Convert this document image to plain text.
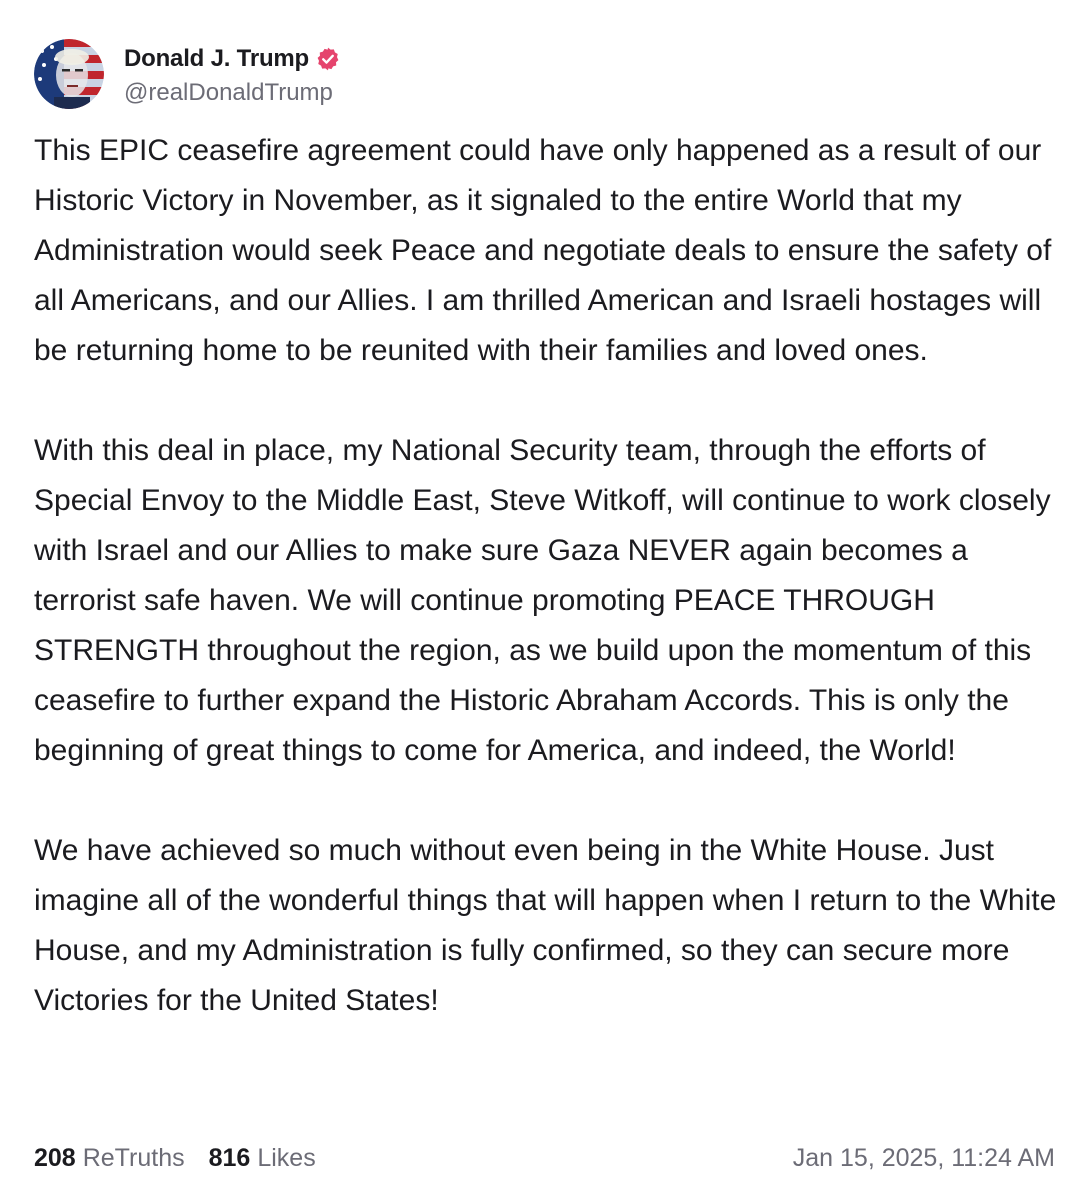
Donald J. Trump
@realDonaldTrump

This EPIC ceasefire agreement could have only happened as a result of our Historic Victory in November, as it signaled to the entire World that my Administration would seek Peace and negotiate deals to ensure the safety of all Americans, and our Allies. I am thrilled American and Israeli hostages will be returning home to be reunited with their families and loved ones.

With this deal in place, my National Security team, through the efforts of Special Envoy to the Middle East, Steve Witkoff, will continue to work closely with Israel and our Allies to make sure Gaza NEVER again becomes a terrorist safe haven. We will continue promoting PEACE THROUGH STRENGTH throughout the region, as we build upon the momentum of this ceasefire to further expand the Historic Abraham Accords. This is only the beginning of great things to come for America, and indeed, the World!

We have achieved so much without even being in the White House. Just imagine all of the wonderful things that will happen when I return to the White House, and my Administration is fully confirmed, so they can secure more Victories for the United States!

208 ReTruths 816 Likes	Jan 15, 2025, 11:24 AM
